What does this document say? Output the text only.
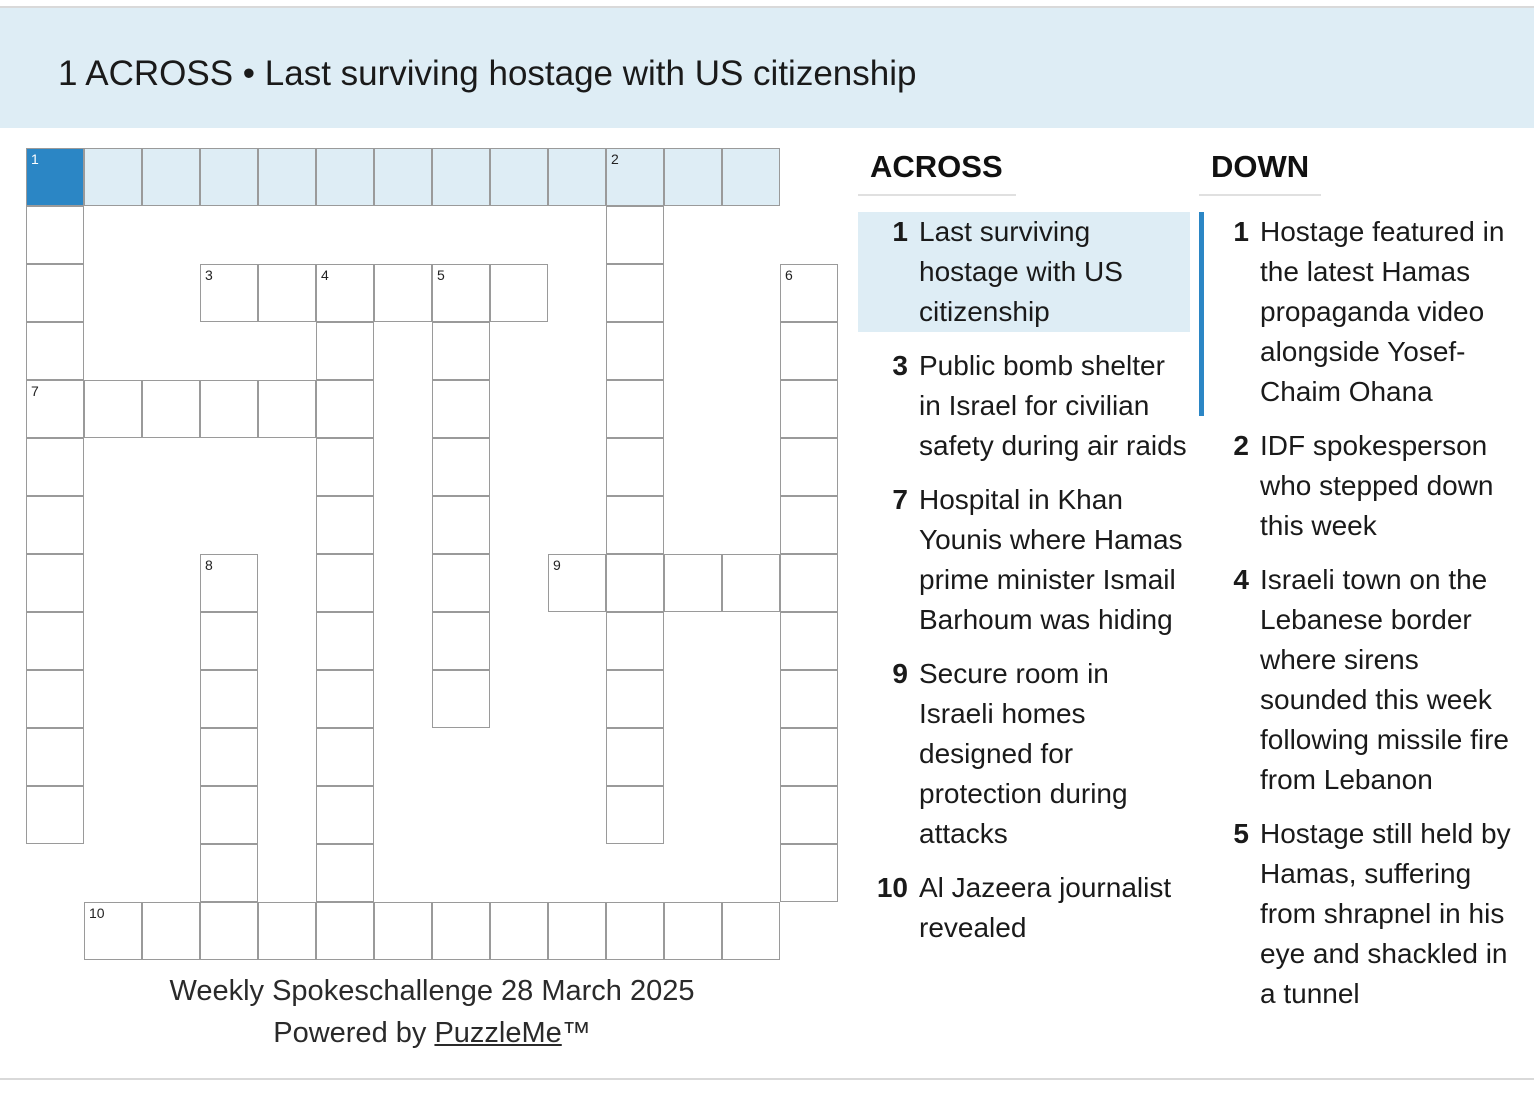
1 ACROSS • Last surviving hostage with US citizenship
1	2
3	4	5	6
7
8	9
10
Weekly Spokeschallenge 28 March 2025
Powered by PuzzleMe™
ACROSS
1 Last surviving hostage with US citizenship
3 Public bomb shelter in Israel for civilian safety during air raids
7 Hospital in Khan Younis where Hamas prime minister Ismail Barhoum was hiding
9 Secure room in Israeli homes designed for protection during attacks
10 Al Jazeera journalist revealed
DOWN
1 Hostage featured in the latest Hamas propaganda video alongside Yosef-Chaim Ohana
2 IDF spokesperson who stepped down this week
4 Israeli town on the Lebanese border where sirens sounded this week following missile fire from Lebanon
5 Hostage still held by Hamas, suffering from shrapnel in his eye and shackled in a tunnel
